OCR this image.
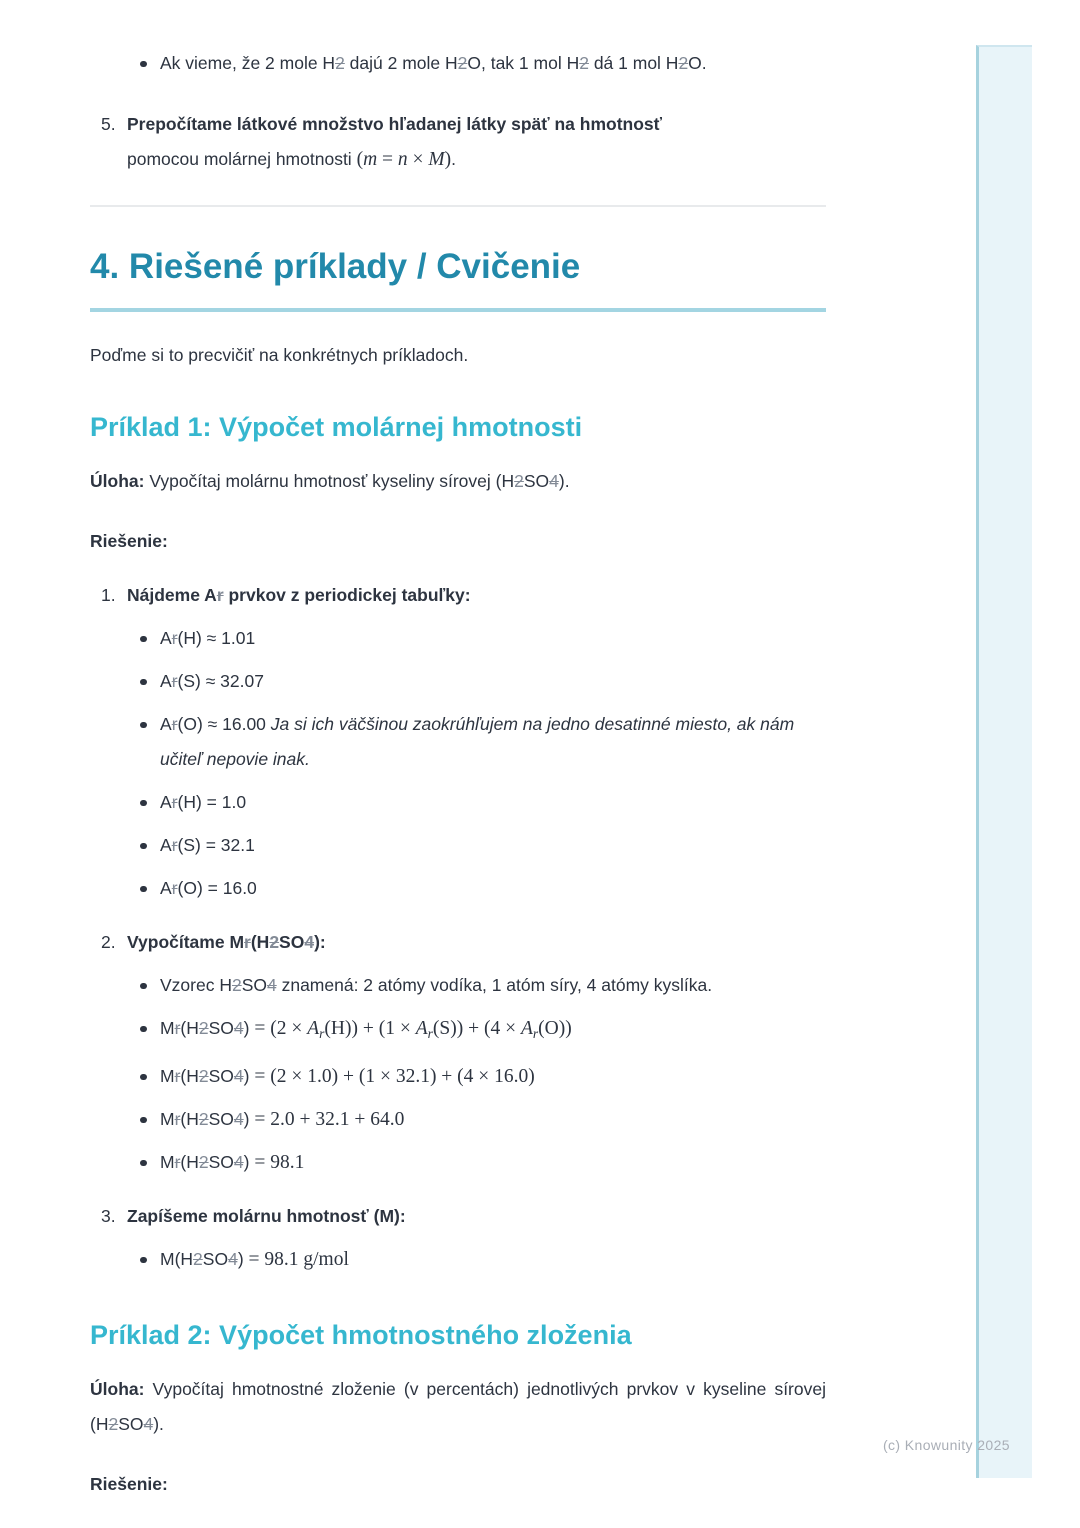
(c) Knowunity 2025
Ak vieme, že 2 mole H2 dajú 2 mole H2O, tak 1 mol H2 dá 1 mol H2O.
5. Prepočítame látkové množstvo hľadanej látky späť na hmotnosť
pomocou molárnej hmotnosti (m = n × M).
4. Riešené príklady / Cvičenie

Poďme si to precvičiť na konkrétnych príkladoch.

Príklad 1: Výpočet molárnej hmotnosti

Úloha: Vypočítaj molárnu hmotnosť kyseliny sírovej (H2SO4).

Riešenie:

1. Nájdeme Ar prvkov z periodickej tabuľky:
Ar(H) ≈ 1.01
Ar(S) ≈ 32.07
Ar(O) ≈ 16.00 Ja si ich väčšinou zaokrúhľujem na jedno desatinné miesto, ak nám učiteľ nepovie inak.
Ar(H) = 1.0
Ar(S) = 32.1
Ar(O) = 16.0
2. Vypočítame Mr(H2SO4):
Vzorec H2SO4 znamená: 2 atómy vodíka, 1 atóm síry, 4 atómy kyslíka.
$Mr(H2SO4) = (2 \times A_r(H)) + (1 \times A_r(S)) + (4 \times A_r(O))$
Mr(H2SO4) = (2 × 1.0) + (1 × 32.1) + (4 × 16.0)
Mr(H2SO4) = 2.0 + 32.1 + 64.0
Mr(H2SO4) = 98.1
3. Zapíšeme molárnu hmotnosť (M):
M(H2SO4) = 98.1 g/mol
Príklad 2: Výpočet hmotnostného zloženia

Úloha: Vypočítaj hmotnostné zloženie (v percentách) jednotlivých prvkov v kyseline sírovej (H2SO4).

Riešenie:
